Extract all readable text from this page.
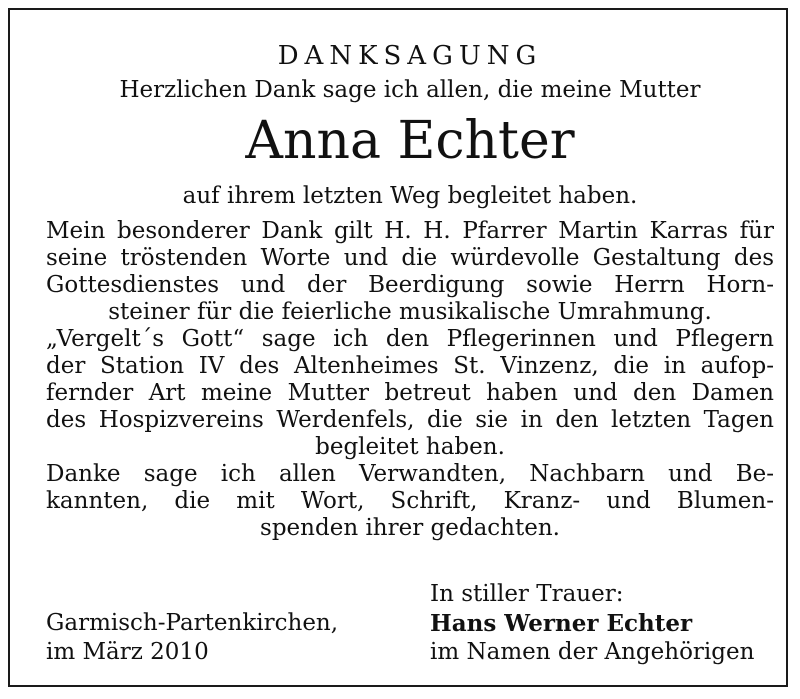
DANKSAGUNG
Herzlichen Dank sage ich allen, die meine Mutter
Anna Echter
auf ihrem letzten Weg begleitet haben.
Mein besonderer Dank gilt H. H. Pfarrer Martin Karras für
seine tröstenden Worte und die würdevolle Gestaltung des
Gottesdienstes und der Beerdigung sowie Herrn Horn-
steiner für die feierliche musikalische Umrahmung.
„Vergelt´s Gott“ sage ich den Pflegerinnen und Pflegern
der Station IV des Altenheimes St. Vinzenz, die in aufop-
fernder Art meine Mutter betreut haben und den Damen
des Hospizvereins Werdenfels, die sie in den letzten Tagen
begleitet haben.
Danke sage ich allen Verwandten, Nachbarn und Be-
kannten, die mit Wort, Schrift, Kranz- und Blumen-
spenden ihrer gedachten.
Garmisch-Partenkirchen,
im März 2010
In stiller Trauer:
Hans Werner Echter
im Namen der Angehörigen
